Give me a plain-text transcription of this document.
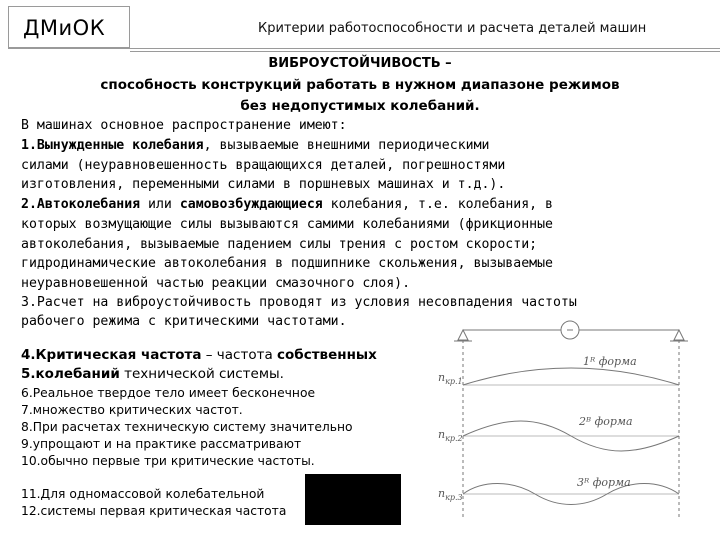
ДМиОК	Критерии работоспособности и расчета деталей машин
ВИБРОУСТОЙЧИВОСТЬ –
способность конструкций работать в нужном диапазоне режимов
без недопустимых колебаний.
В машинах основное распространение имеют:
1.Вынужденные колебания, вызываемые внешними периодическими
силами (неуравновешенность вращающихся деталей, погрешностями
изготовления, переменными силами в поршневых машинах и т.д.).
2.Автоколебания или самовозбуждающиеся колебания, т.е. колебания, в
которых возмущающие силы вызываются самими колебаниями (фрикционные
автоколебания, вызываемые падением силы трения с ростом скорости;
гидродинамические автоколебания в подшипнике скольжения, вызываемые
неуравновешенной частью реакции смазочного слоя).
3.Расчет на виброустойчивость проводят из условия несовпадения частоты
рабочего режима с критическими частотами.
4.Критическая частота – частота собственных
5.колебаний технической системы.
6.Реальное твердое тело имеет бесконечное
7.множество критических частот.
8.При расчетах техническую систему значительно
9.упрощают и на практике рассматривают
10.обычно первые три критические частоты.
11.Для одномассовой колебательной
12.системы первая критическая частота
1ᴿ форма
2ᴮ форма
3ᴿ форма
$n_{кр.1}$
$n_{кр.2}$
$n_{кр.3}$
